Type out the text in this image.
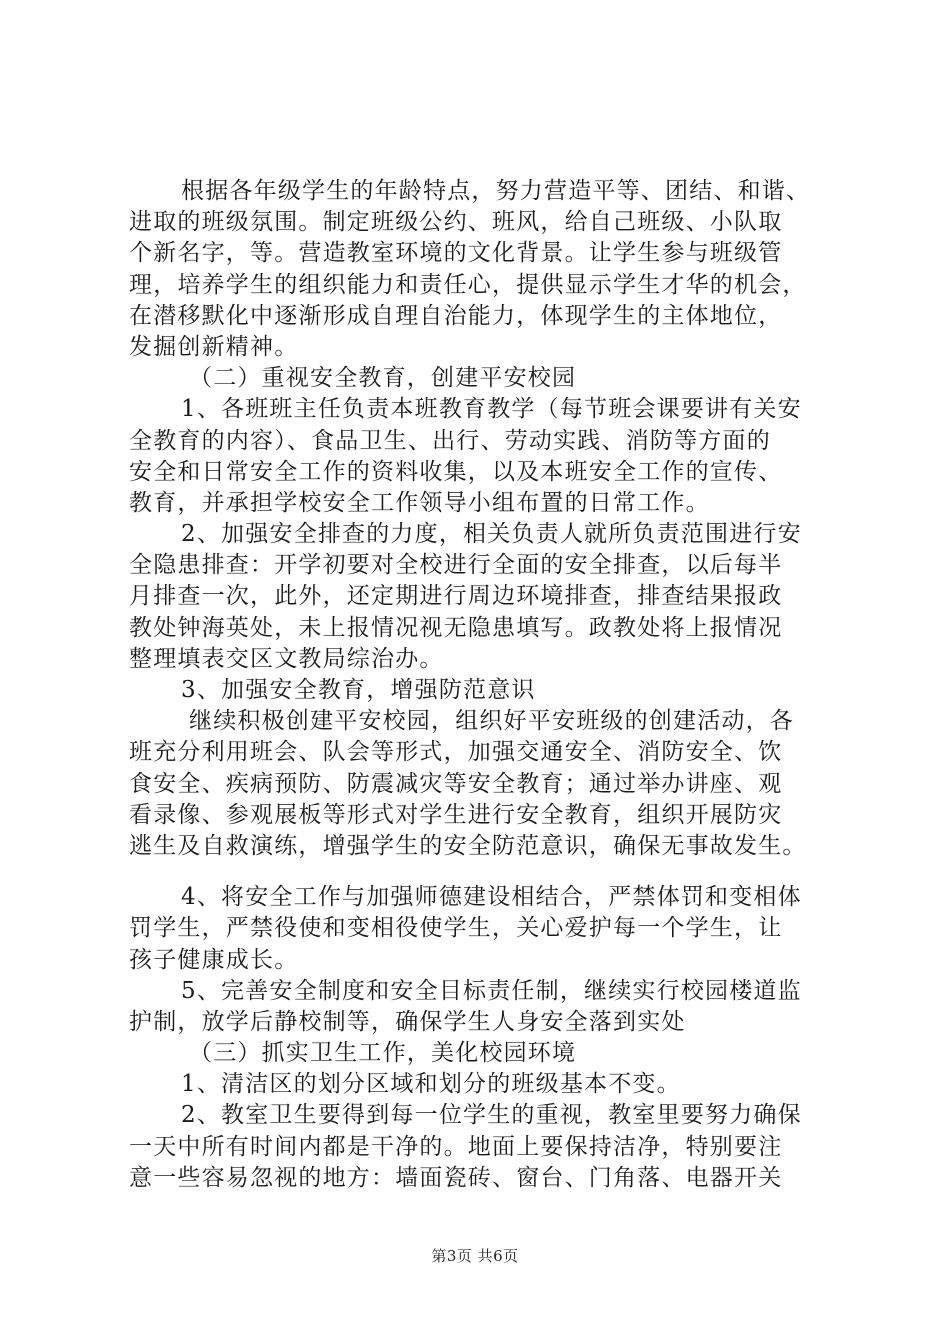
根据各年级学生的年龄特点，努力营造平等、团结、和谐、
进取的班级氛围。制定班级公约、班风，给自己班级、小队取
个新名字，等。营造教室环境的文化背景。让学生参与班级管
理，培养学生的组织能力和责任心，提供显示学生才华的机会，
在潜移默化中逐渐形成自理自治能力，体现学生的主体地位，
发掘创新精神。
（二）重视安全教育，创建平安校园
1、各班班主任负责本班教育教学（每节班会课要讲有关安
全教育的内容）、食品卫生、出行、劳动实践、消防等方面的
安全和日常安全工作的资料收集，以及本班安全工作的宣传、
教育，并承担学校安全工作领导小组布置的日常工作。
2、加强安全排查的力度，相关负责人就所负责范围进行安
全隐患排查：开学初要对全校进行全面的安全排查，以后每半
月排查一次，此外，还定期进行周边环境排查，排查结果报政
教处钟海英处，未上报情况视无隐患填写。政教处将上报情况
整理填表交区文教局综治办。
3、加强安全教育，增强防范意识
继续积极创建平安校园，组织好平安班级的创建活动，各
班充分利用班会、队会等形式，加强交通安全、消防安全、饮
食安全、疾病预防、防震减灾等安全教育；通过举办讲座、观
看录像、参观展板等形式对学生进行安全教育，组织开展防灾
逃生及自救演练，增强学生的安全防范意识，确保无事故发生。
4、将安全工作与加强师德建设相结合，严禁体罚和变相体
罚学生，严禁役使和变相役使学生，关心爱护每一个学生，让
孩子健康成长。
5、完善安全制度和安全目标责任制，继续实行校园楼道监
护制，放学后静校制等，确保学生人身安全落到实处
（三）抓实卫生工作，美化校园环境
1、清洁区的划分区域和划分的班级基本不变。
2、教室卫生要得到每一位学生的重视，教室里要努力确保
一天中所有时间内都是干净的。地面上要保持洁净，特别要注
意一些容易忽视的地方：墙面瓷砖、窗台、门角落、电器开关
第3页 共6页
